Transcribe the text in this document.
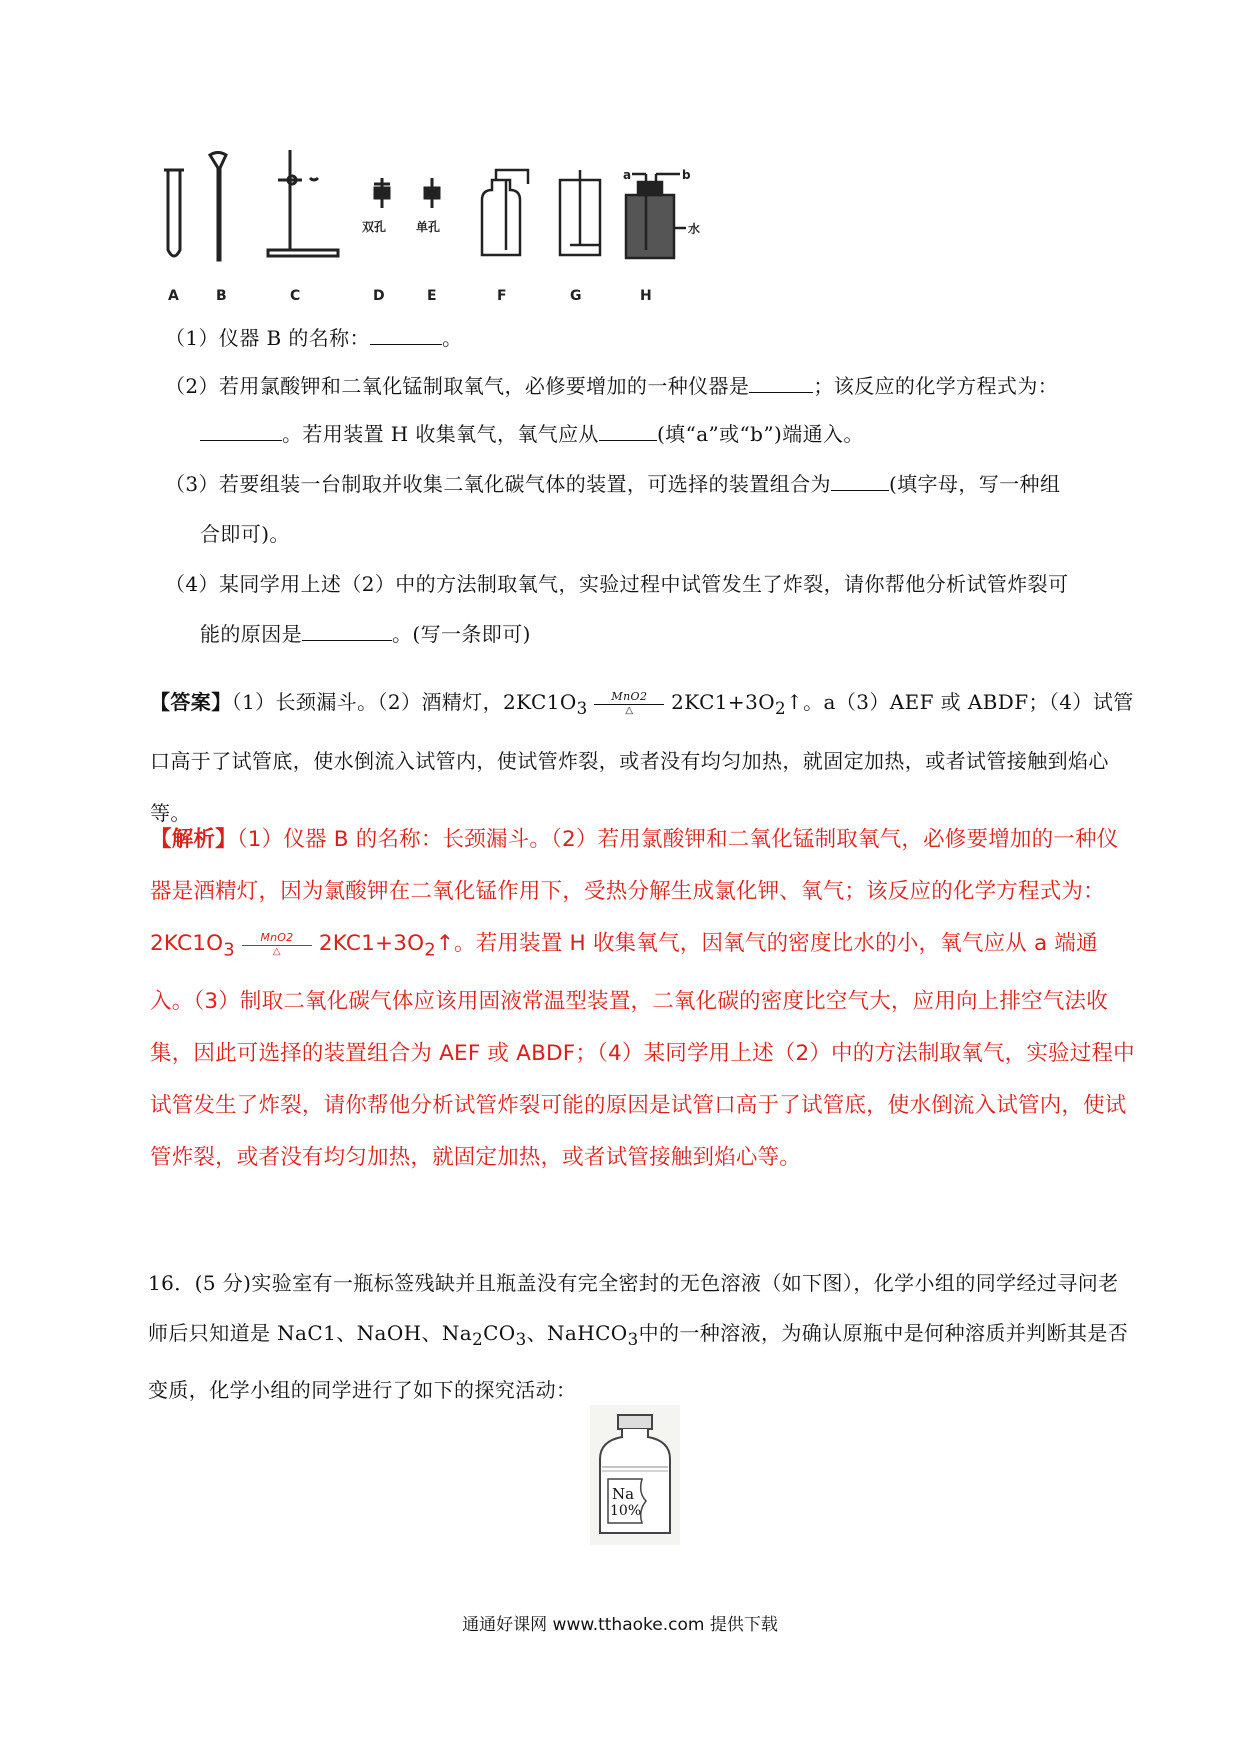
双孔 单孔
a	b
水
A	B	C	D	E	F	G	H
（1）仪器 B 的名称：	。
（2）若用氯酸钾和二氧化锰制取氧气，必修要增加的一种仪器是	；该反应的化学方程式为：
。若用装置 H 收集氧气，氧气应从	(填“a”或“b”)端通入。
（3）若要组装一台制取并收集二氧化碳气体的装置，可选择的装置组合为	(填字母，写一种组
合即可)。
（4）某同学用上述（2）中的方法制取氧气，实验过程中试管发生了炸裂，请你帮他分析试管炸裂可
能的原因是	。(写一条即可)
【答案】（1）长颈漏斗。（2）酒精灯，$2KC1O_3$
MnO2
△	$2KC1+3O_2↑$。a（3）AEF 或 ABDF；（4）试管口高于了试管底，使水倒流入试管内，使试管炸裂，或者没有均匀加热，就固定加热，或者试管接触到焰心等。
【解析】（1）仪器 B 的名称：长颈漏斗。（2）若用氯酸钾和二氧化锰制取氧气，必修要增加的一种仪器是酒精灯，因为氯酸钾在二氧化锰作用下，受热分解生成氯化钾、氧气；该反应的化学方程式为：$2KC1O_3$
MnO2
△	$2KC1+3O_2↑$。若用装置 H 收集氧气，因氧气的密度比水的小，氧气应从 a 端通入。（3）制取二氧化碳气体应该用固液常温型装置，二氧化碳的密度比空气大，应用向上排空气法收集，因此可选择的装置组合为 AEF 或 ABDF；（4）某同学用上述（2）中的方法制取氧气，实验过程中试管发生了炸裂，请你帮他分析试管炸裂可能的原因是试管口高于了试管底，使水倒流入试管内，使试管炸裂，或者没有均匀加热，就固定加热，或者试管接触到焰心等。
16．(5 分)实验室有一瓶标签残缺并且瓶盖没有完全密封的无色溶液（如下图），化学小组的同学经过寻问老师后只知道是 NaC1、NaOH、$Na_2CO_3$、NaHCO$_3$中的一种溶液，为确认原瓶中是何种溶质并判断其是否变质，化学小组的同学进行了如下的探究活动：
Na
10%
通通好课网 www.tthaoke.com 提供下载
